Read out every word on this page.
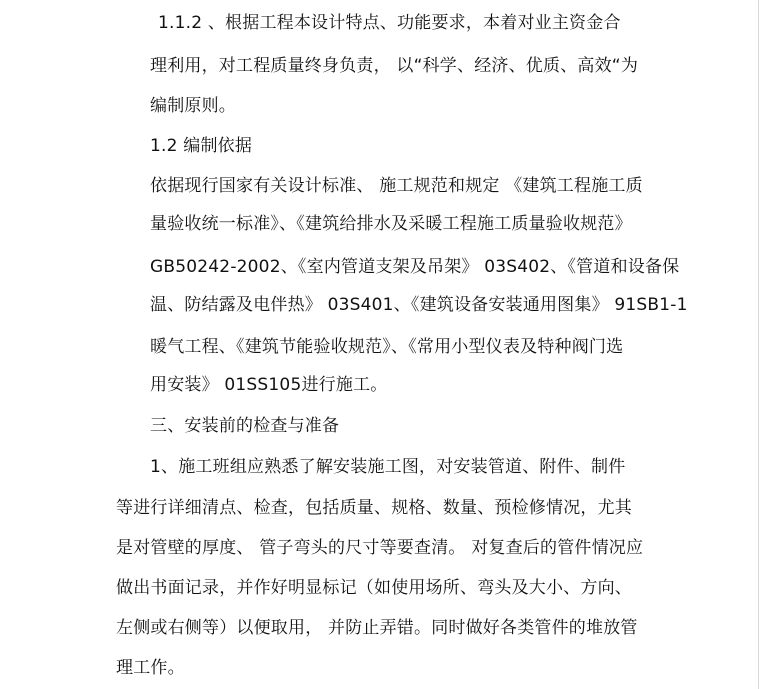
1.1.2 、根据工程本设计特点、功能要求，本着对业主资金合
理利用，对工程质量终身负责， 以“科学、经济、优质、高效“为
编制原则。
1.2 编制依据
依据现行国家有关设计标准、 施工规范和规定 《建筑工程施工质
量验收统一标准》、《建筑给排水及采暖工程施工质量验收规范》
GB50242-2002、《室内管道支架及吊架》 03S402、《管道和设备保
温、防结露及电伴热》 03S401、《建筑设备安装通用图集》 91SB1-1
暖气工程、《建筑节能验收规范》、《常用小型仪表及特种阀门选
用安装》 01SS105进行施工。
三、安装前的检查与准备
1、施工班组应熟悉了解安装施工图，对安装管道、附件、制件
等进行详细清点、检查，包括质量、规格、数量、预检修情况，尤其
是对管壁的厚度、 管子弯头的尺寸等要查清。 对复查后的管件情况应
做出书面记录，并作好明显标记（如使用场所、弯头及大小、方向、
左侧或右侧等）以便取用， 并防止弄错。同时做好各类管件的堆放管
理工作。
